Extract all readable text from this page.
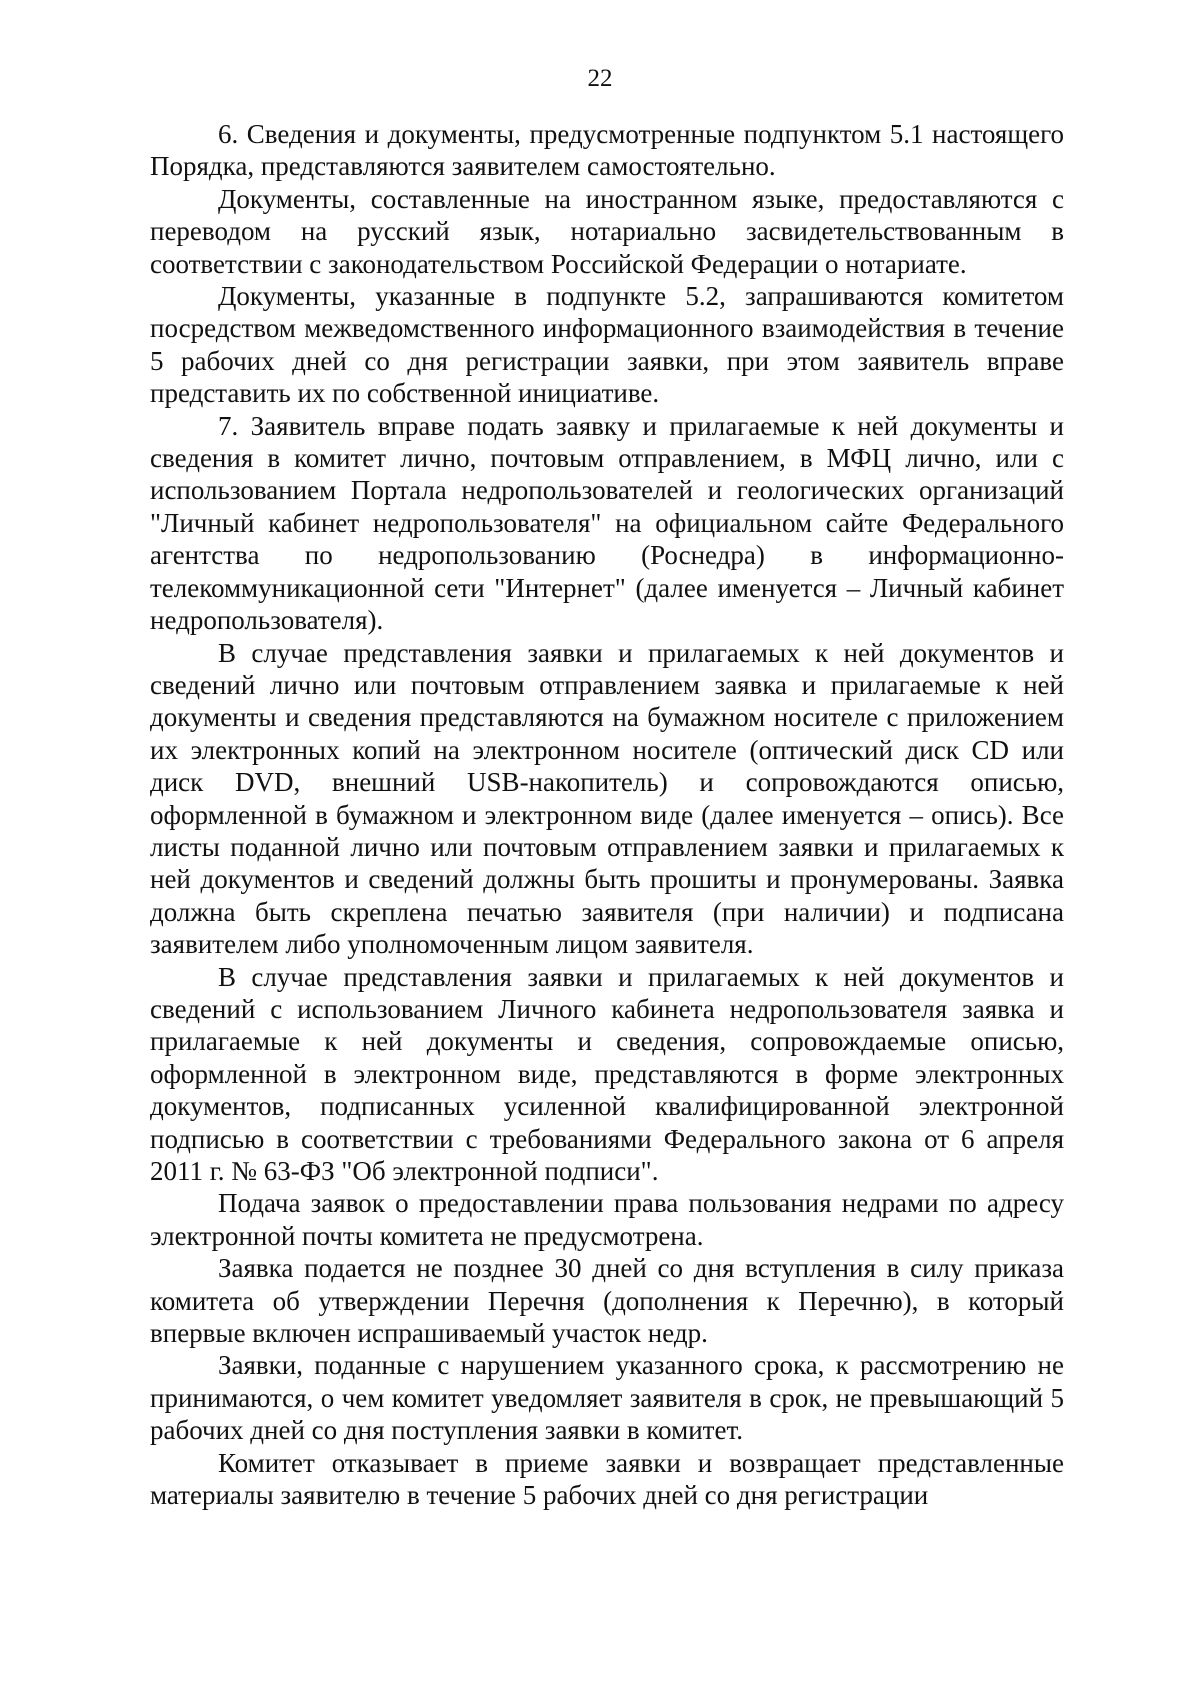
22

6. Сведения и документы, предусмотренные подпунктом 5.1 настоящего Порядка, представляются заявителем самостоятельно.

Документы, составленные на иностранном языке, предоставляются с переводом на русский язык, нотариально засвидетельствованным в соответствии с законодательством Российской Федерации о нотариате.

Документы, указанные в подпункте 5.2, запрашиваются комитетом посредством межведомственного информационного взаимодействия в течение 5 рабочих дней со дня регистрации заявки, при этом заявитель вправе представить их по собственной инициативе.

7. Заявитель вправе подать заявку и прилагаемые к ней документы и сведения в комитет лично, почтовым отправлением, в МФЦ лично, или с использованием Портала недропользователей и геологических организаций "Личный кабинет недропользователя" на официальном сайте Федерального агентства по недропользованию (Роснедра) в информационно-телекоммуникационной сети "Интернет" (далее именуется – Личный кабинет недропользователя).

В случае представления заявки и прилагаемых к ней документов и сведений лично или почтовым отправлением заявка и прилагаемые к ней документы и сведения представляются на бумажном носителе с приложением их электронных копий на электронном носителе (оптический диск CD или диск DVD, внешний USB-накопитель) и сопровождаются описью, оформленной в бумажном и электронном виде (далее именуется – опись). Все листы поданной лично или почтовым отправлением заявки и прилагаемых к ней документов и сведений должны быть прошиты и пронумерованы. Заявка должна быть скреплена печатью заявителя (при наличии) и подписана заявителем либо уполномоченным лицом заявителя.

В случае представления заявки и прилагаемых к ней документов и сведений с использованием Личного кабинета недропользователя заявка и прилагаемые к ней документы и сведения, сопровождаемые описью, оформленной в электронном виде, представляются в форме электронных документов, подписанных усиленной квалифицированной электронной подписью в соответствии с требованиями Федерального закона от 6 апреля 2011 г. № 63-ФЗ "Об электронной подписи".

Подача заявок о предоставлении права пользования недрами по адресу электронной почты комитета не предусмотрена.

Заявка подается не позднее 30 дней со дня вступления в силу приказа комитета об утверждении Перечня (дополнения к Перечню), в который впервые включен испрашиваемый участок недр.

Заявки, поданные с нарушением указанного срока, к рассмотрению не принимаются, о чем комитет уведомляет заявителя в срок, не превышающий 5 рабочих дней со дня поступления заявки в комитет.

Комитет отказывает в приеме заявки и возвращает представленные материалы заявителю в течение 5 рабочих дней со дня регистрации
